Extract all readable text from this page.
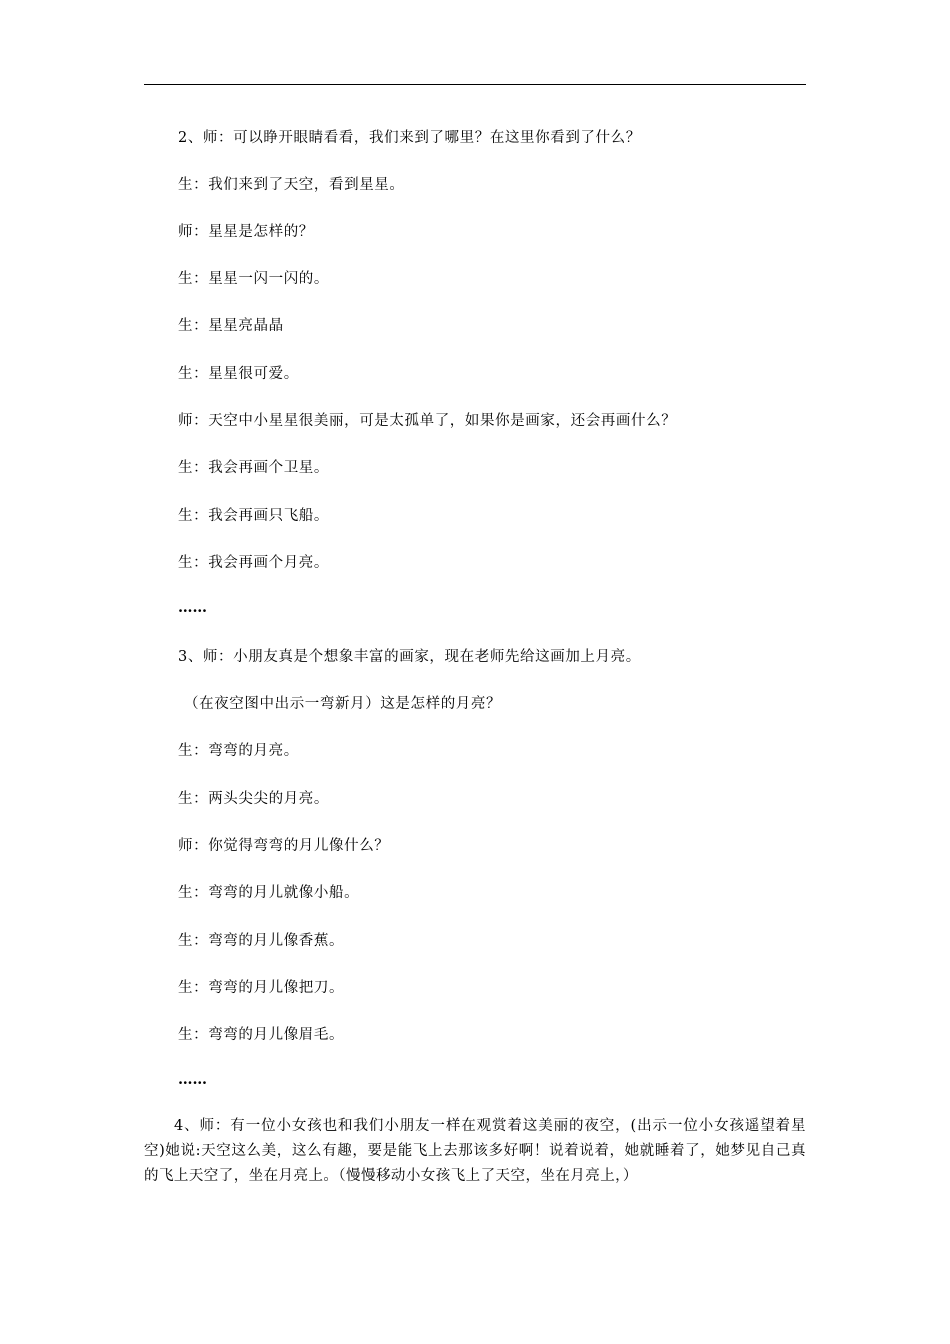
2、师：可以睁开眼睛看看，我们来到了哪里？在这里你看到了什么？
生：我们来到了天空，看到星星。
师：星星是怎样的？
生：星星一闪一闪的。
生：星星亮晶晶
生：星星很可爱。
师：天空中小星星很美丽，可是太孤单了，如果你是画家，还会再画什么？
生：我会再画个卫星。
生：我会再画只飞船。
生：我会再画个月亮。
……
3、师：小朋友真是个想象丰富的画家，现在老师先给这画加上月亮。
（在夜空图中出示一弯新月）这是怎样的月亮？
生：弯弯的月亮。
生：两头尖尖的月亮。
师：你觉得弯弯的月儿像什么？
生：弯弯的月儿就像小船。
生：弯弯的月儿像香蕉。
生：弯弯的月儿像把刀。
生：弯弯的月儿像眉毛。
……
4、师：有一位小女孩也和我们小朋友一样在观赏着这美丽的夜空，(出示一位小女孩遥望着星空)她说:天空这么美，这么有趣，要是能飞上去那该多好啊！说着说着，她就睡着了，她梦见自己真的飞上天空了，坐在月亮上。（慢慢移动小女孩飞上了天空，坐在月亮上，）
